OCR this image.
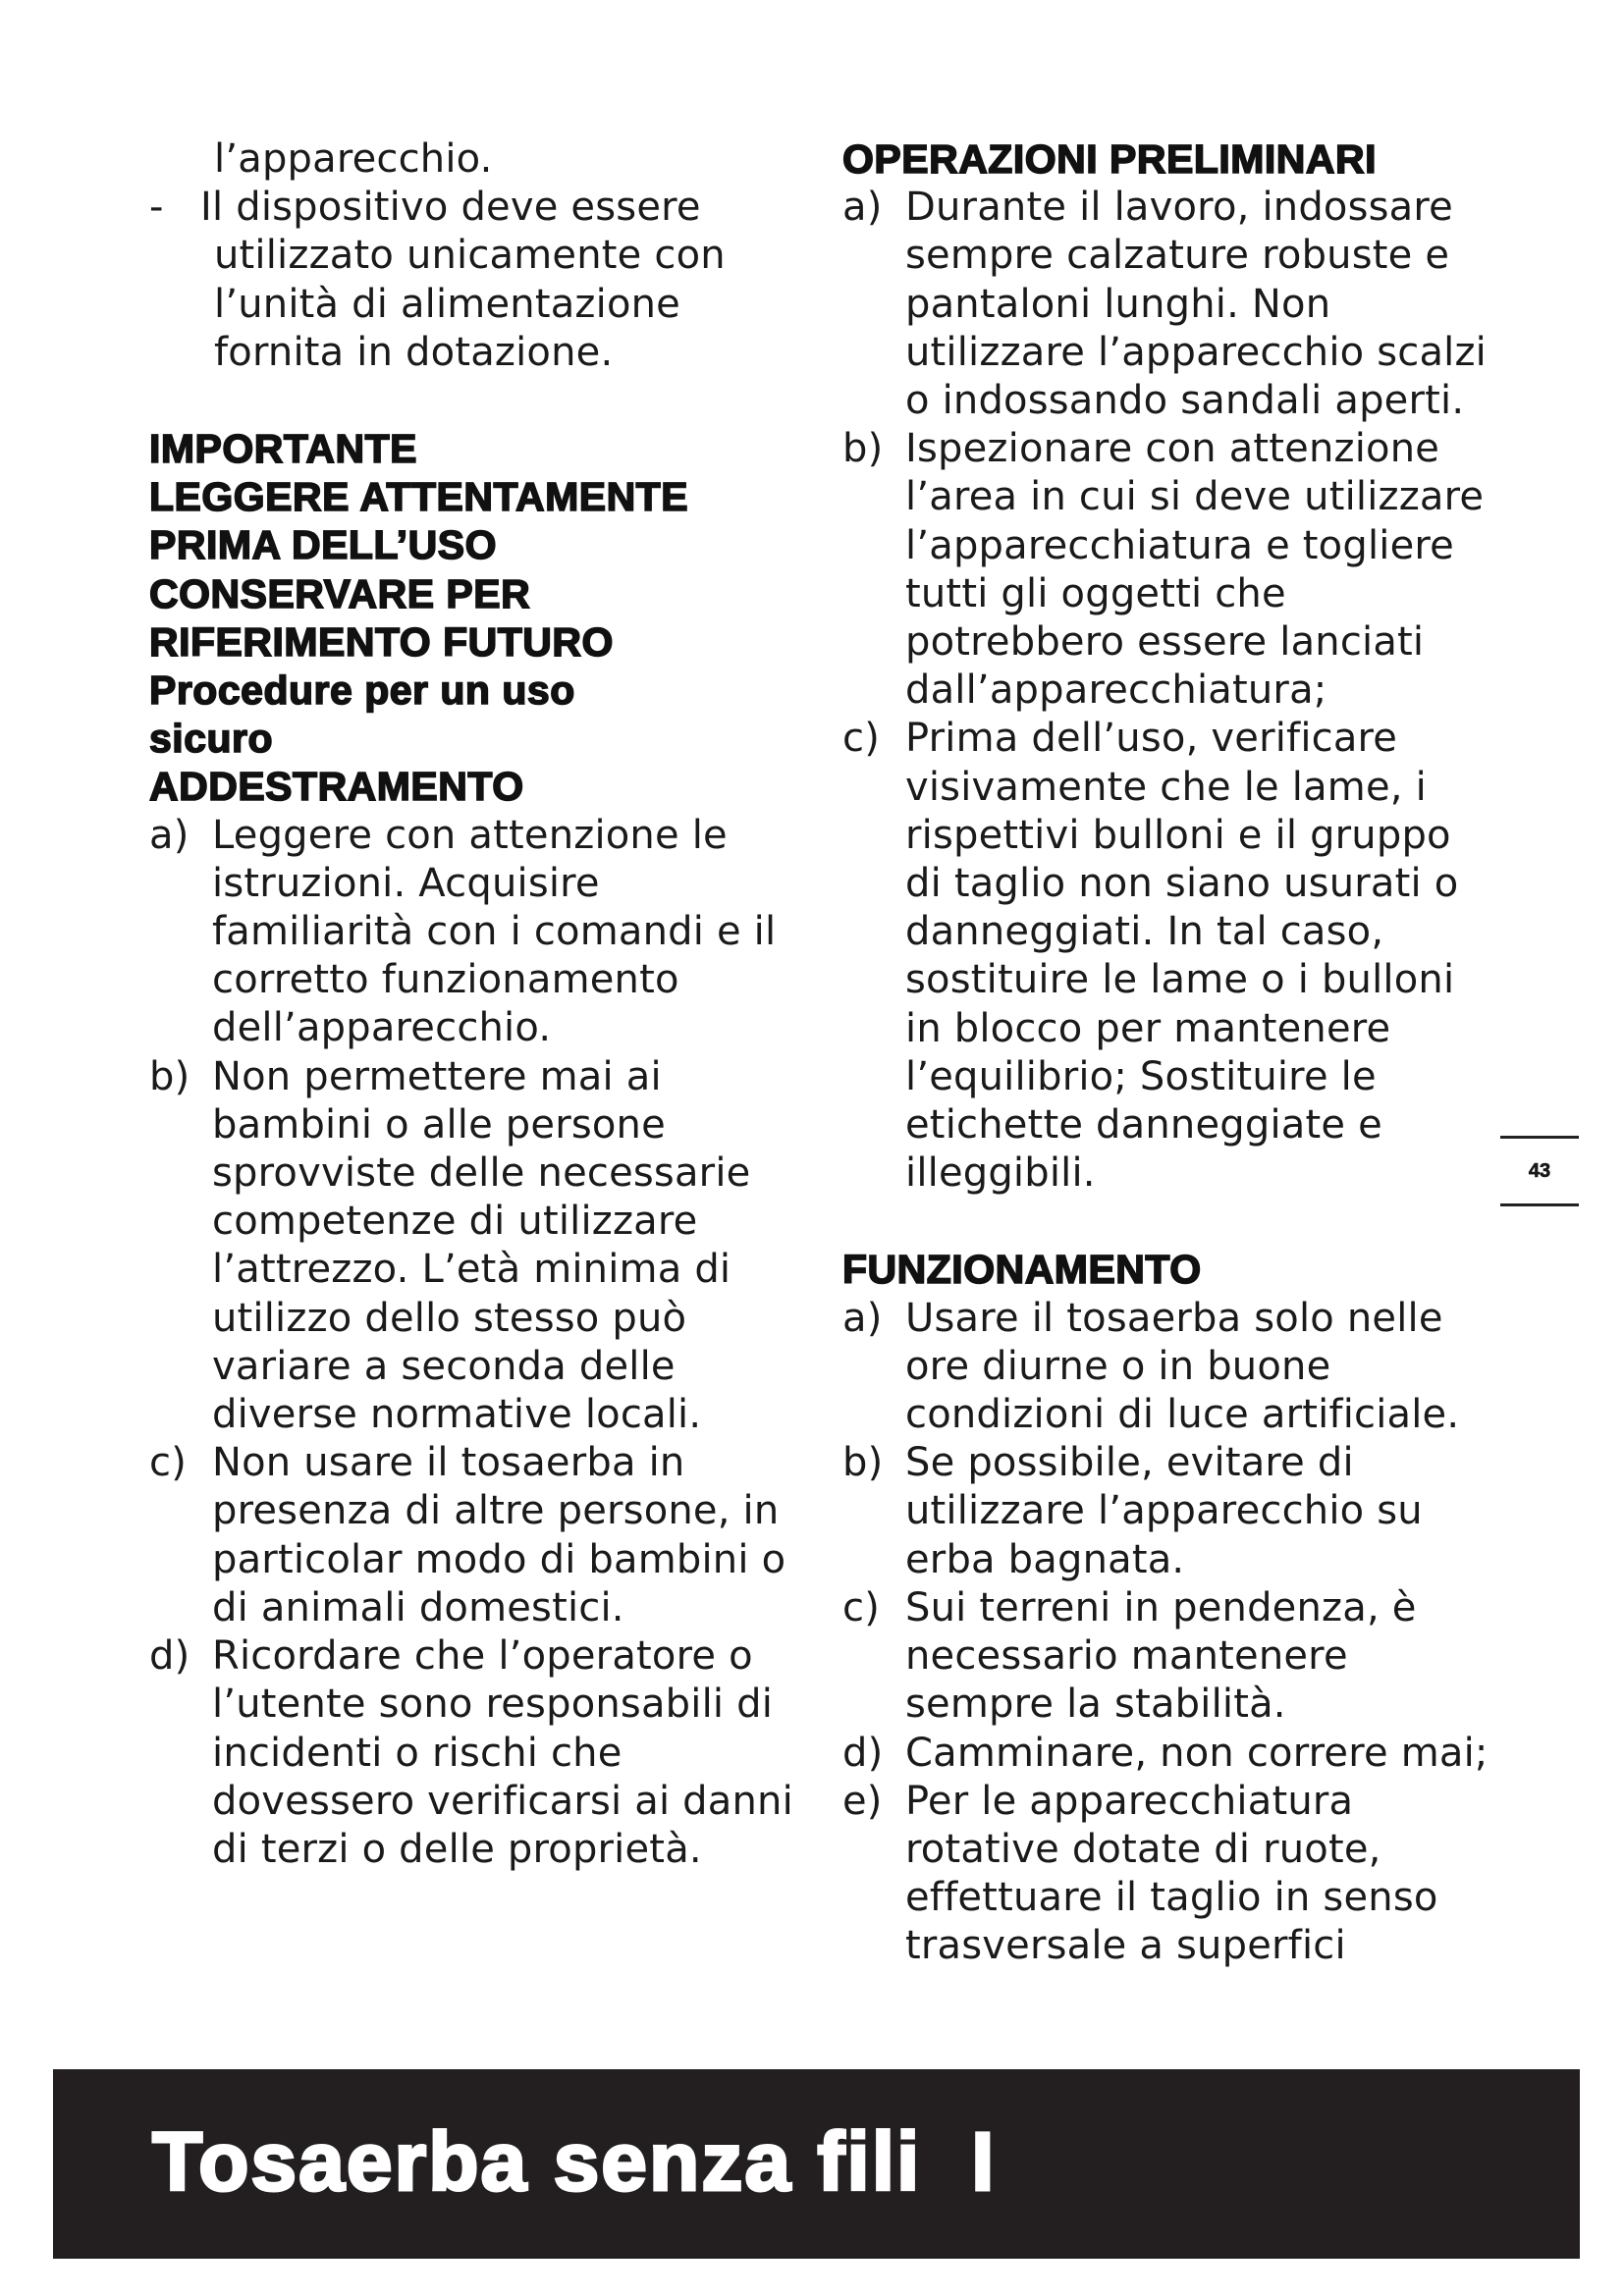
l’apparecchio.

- Il dispositivo deve essere utilizzato unicamente con l’unità di alimentazione fornita in dotazione.

IMPORTANTE

LEGGERE ATTENTAMENTE

PRIMA DELL’USO

CONSERVARE PER

RIFERIMENTO FUTURO

Procedure per un uso sicuro

ADDESTRAMENTO

a) Leggere con attenzione le istruzioni. Acquisire familiarità con i comandi e il corretto funzionamento dell’apparecchio.
b) Non permettere mai ai bambini o alle persone sprovviste delle necessarie competenze di utilizzare l’attrezzo. L’età minima di utilizzo dello stesso può variare a seconda delle diverse normative locali.
c) Non usare il tosaerba in presenza di altre persone, in particolar modo di bambini o di animali domestici.
d) Ricordare che l’operatore o l’utente sono responsabili di incidenti o rischi che dovessero verificarsi ai danni di terzi o delle proprietà.

OPERAZIONI PRELIMINARI

a) Durante il lavoro, indossare sempre calzature robuste e pantaloni lunghi. Non utilizzare l’apparecchio scalzi o indossando sandali aperti.
b) Ispezionare con attenzione l’area in cui si deve utilizzare l’apparecchiatura e togliere tutti gli oggetti che potrebbero essere lanciati dall’apparecchiatura;
c) Prima dell’uso, verificare visivamente che le lame, i rispettivi bulloni e il gruppo di taglio non siano usurati o danneggiati. In tal caso, sostituire le lame o i bulloni in blocco per mantenere l’equilibrio; Sostituire le etichette danneggiate e illeggibili.

FUNZIONAMENTO

a) Usare il tosaerba solo nelle ore diurne o in buone condizioni di luce artificiale.
b) Se possibile, evitare di utilizzare l’apparecchio su erba bagnata.
c) Sui terreni in pendenza, è necessario mantenere sempre la stabilità.
d) Camminare, non correre mai;
e) Per le apparecchiatura rotative dotate di ruote, effettuare il taglio in senso trasversale a superfici
43
Tosaerba senza fili I
